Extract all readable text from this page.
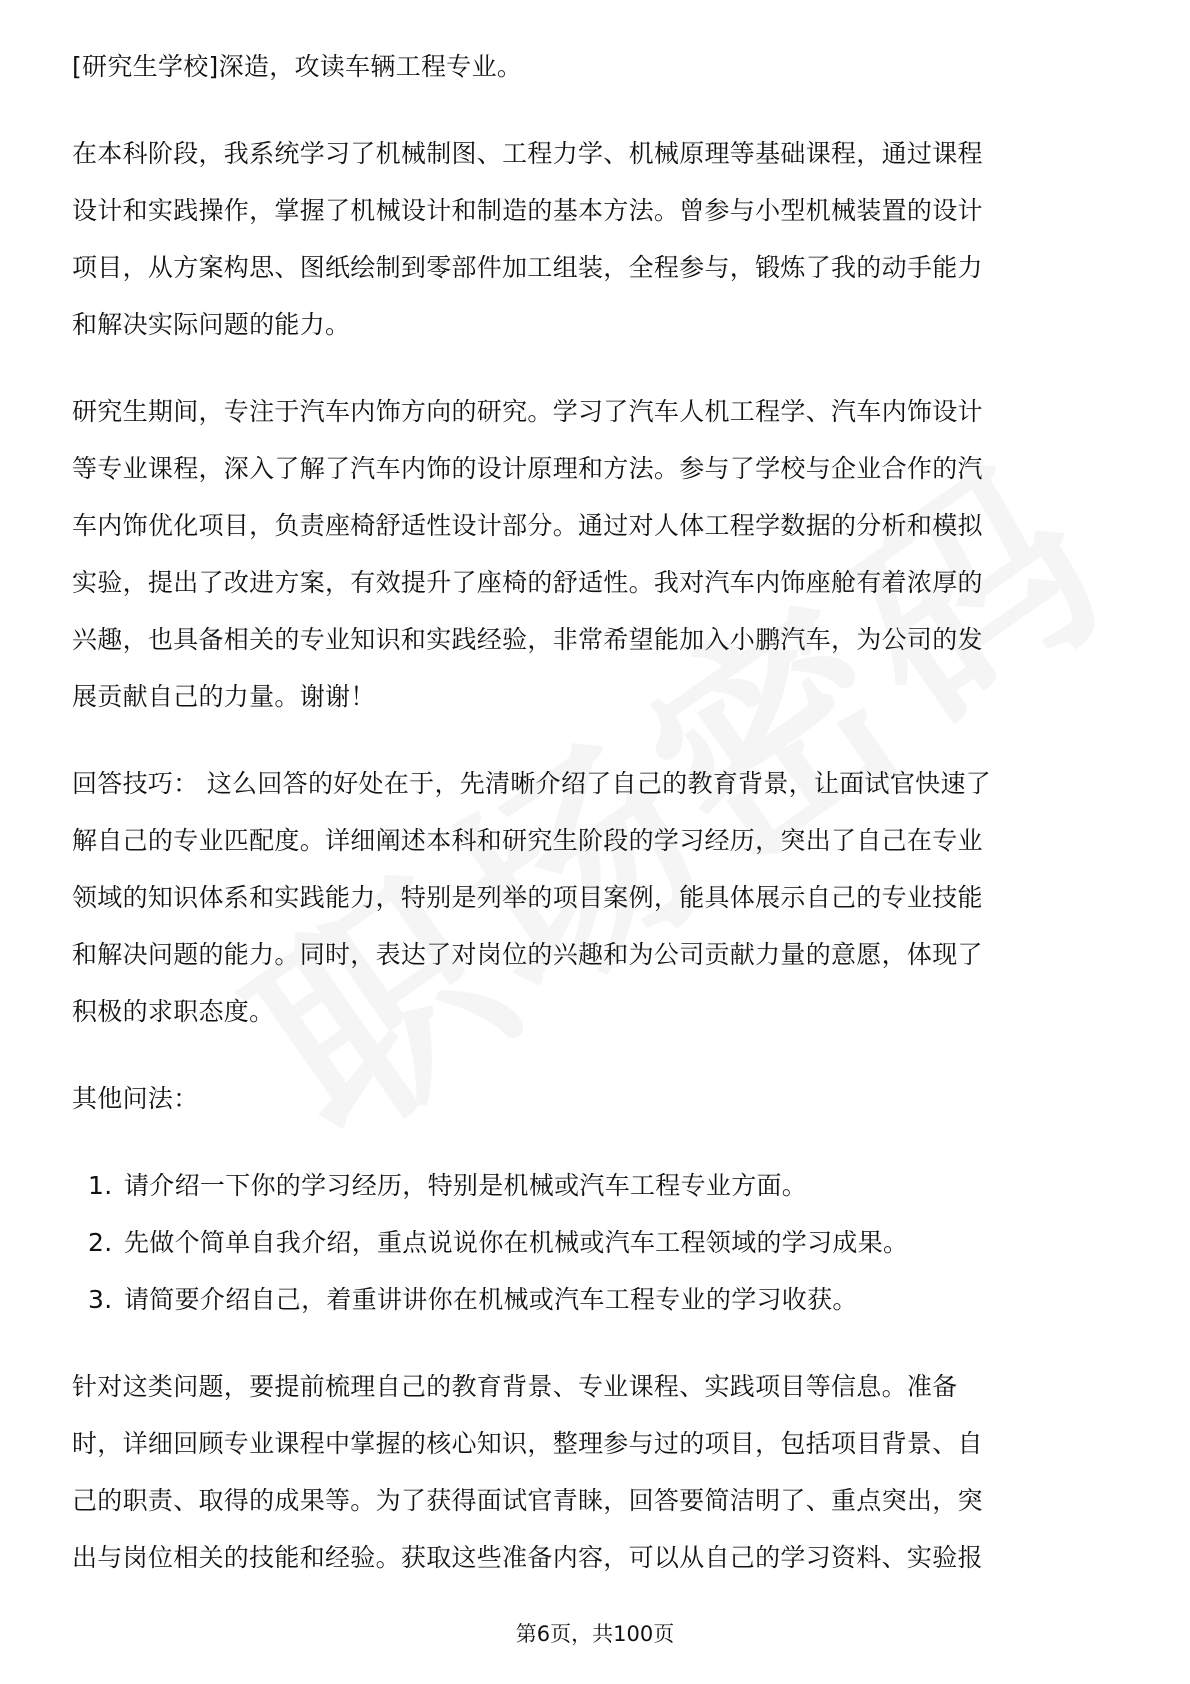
[研究生学校]深造，攻读车辆工程专业。

在本科阶段，我系统学习了机械制图、工程力学、机械原理等基础课程，通过课程
设计和实践操作，掌握了机械设计和制造的基本方法。曾参与小型机械装置的设计
项目，从方案构思、图纸绘制到零部件加工组装，全程参与，锻炼了我的动手能力
和解决实际问题的能力。

研究生期间，专注于汽车内饰方向的研究。学习了汽车人机工程学、汽车内饰设计
等专业课程，深入了解了汽车内饰的设计原理和方法。参与了学校与企业合作的汽
车内饰优化项目，负责座椅舒适性设计部分。通过对人体工程学数据的分析和模拟
实验，提出了改进方案，有效提升了座椅的舒适性。我对汽车内饰座舱有着浓厚的
兴趣，也具备相关的专业知识和实践经验，非常希望能加入小鹏汽车，为公司的发
展贡献自己的力量。谢谢！

回答技巧： 这么回答的好处在于，先清晰介绍了自己的教育背景，让面试官快速了
解自己的专业匹配度。详细阐述本科和研究生阶段的学习经历，突出了自己在专业
领域的知识体系和实践能力，特别是列举的项目案例，能具体展示自己的专业技能
和解决问题的能力。同时，表达了对岗位的兴趣和为公司贡献力量的意愿，体现了
积极的求职态度。

其他问法：

1. 请介绍一下你的学习经历，特别是机械或汽车工程专业方面。
2. 先做个简单自我介绍，重点说说你在机械或汽车工程领域的学习成果。
3. 请简要介绍自己，着重讲讲你在机械或汽车工程专业的学习收获。

针对这类问题，要提前梳理自己的教育背景、专业课程、实践项目等信息。准备
时，详细回顾专业课程中掌握的核心知识，整理参与过的项目，包括项目背景、自
己的职责、取得的成果等。为了获得面试官青睐，回答要简洁明了、重点突出，突
出与岗位相关的技能和经验。获取这些准备内容，可以从自己的学习资料、实验报

第6页，共100页
